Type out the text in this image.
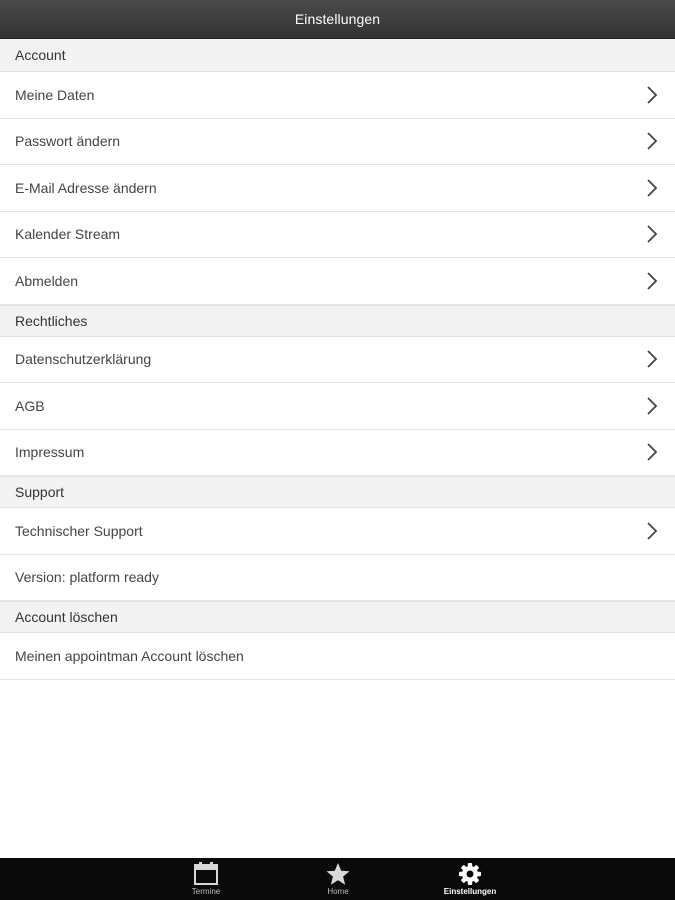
Einstellungen
Account
Meine Daten
Passwort ändern
E-Mail Adresse ändern
Kalender Stream
Abmelden
Rechtliches
Datenschutzerklärung
AGB
Impressum
Support
Technischer Support
Version: platform ready
Account löschen
Meinen appointman Account löschen
Termine	Home	Einstellungen
